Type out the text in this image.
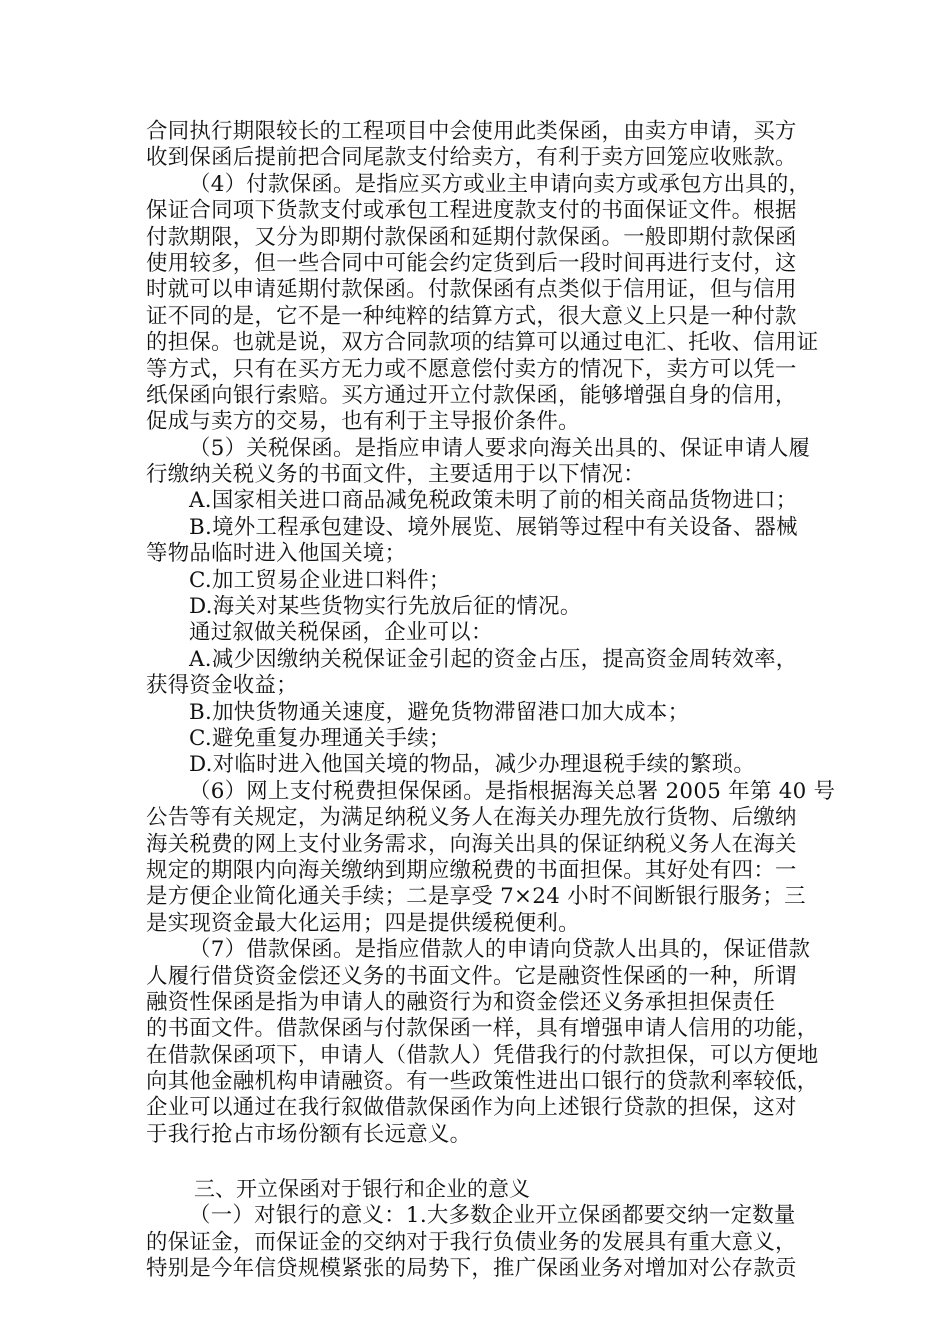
合同执行期限较长的工程项目中会使用此类保函，由卖方申请，买方
收到保函后提前把合同尾款支付给卖方，有利于卖方回笼应收账款。
（4）付款保函。是指应买方或业主申请向卖方或承包方出具的，
保证合同项下货款支付或承包工程进度款支付的书面保证文件。根据
付款期限，又分为即期付款保函和延期付款保函。一般即期付款保函
使用较多，但一些合同中可能会约定货到后一段时间再进行支付，这
时就可以申请延期付款保函。付款保函有点类似于信用证，但与信用
证不同的是，它不是一种纯粹的结算方式，很大意义上只是一种付款
的担保。也就是说，双方合同款项的结算可以通过电汇、托收、信用证
等方式，只有在买方无力或不愿意偿付卖方的情况下，卖方可以凭一
纸保函向银行索赔。买方通过开立付款保函，能够增强自身的信用，
促成与卖方的交易，也有利于主导报价条件。
（5）关税保函。是指应申请人要求向海关出具的、保证申请人履
行缴纳关税义务的书面文件，主要适用于以下情况：
A.国家相关进口商品减免税政策未明了前的相关商品货物进口；
B.境外工程承包建设、境外展览、展销等过程中有关设备、器械
等物品临时进入他国关境；
C.加工贸易企业进口料件；
D.海关对某些货物实行先放后征的情况。
通过叙做关税保函，企业可以：
A.减少因缴纳关税保证金引起的资金占压，提高资金周转效率，
获得资金收益；
B.加快货物通关速度，避免货物滞留港口加大成本；
C.避免重复办理通关手续；
D.对临时进入他国关境的物品，减少办理退税手续的繁琐。
（6）网上支付税费担保保函。是指根据海关总署 2005 年第 40 号
公告等有关规定，为满足纳税义务人在海关办理先放行货物、后缴纳
海关税费的网上支付业务需求，向海关出具的保证纳税义务人在海关
规定的期限内向海关缴纳到期应缴税费的书面担保。其好处有四：一
是方便企业简化通关手续；二是享受 7×24 小时不间断银行服务；三
是实现资金最大化运用；四是提供缓税便利。
（7）借款保函。是指应借款人的申请向贷款人出具的，保证借款
人履行借贷资金偿还义务的书面文件。它是融资性保函的一种，所谓
融资性保函是指为申请人的融资行为和资金偿还义务承担担保责任
的书面文件。借款保函与付款保函一样，具有增强申请人信用的功能，
在借款保函项下，申请人（借款人）凭借我行的付款担保，可以方便地
向其他金融机构申请融资。有一些政策性进出口银行的贷款利率较低，
企业可以通过在我行叙做借款保函作为向上述银行贷款的担保，这对
于我行抢占市场份额有长远意义。
三、开立保函对于银行和企业的意义
（一）对银行的意义：1.大多数企业开立保函都要交纳一定数量
的保证金，而保证金的交纳对于我行负债业务的发展具有重大意义，
特别是今年信贷规模紧张的局势下，推广保函业务对增加对公存款贡
